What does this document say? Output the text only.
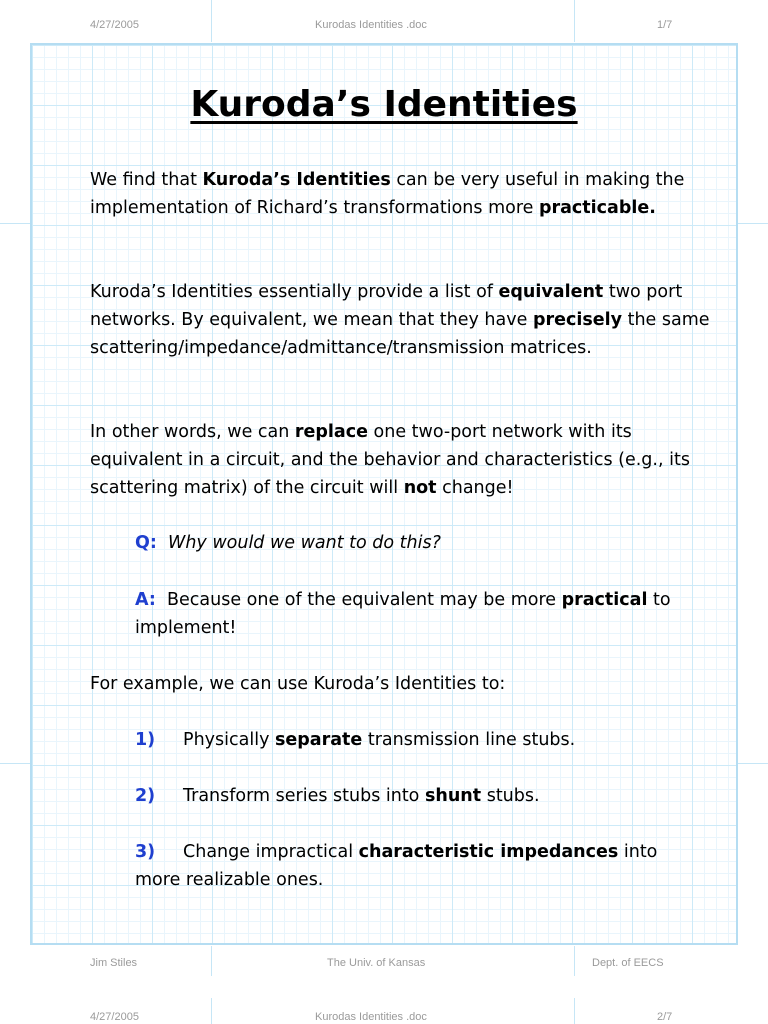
4/27/2005	Kurodas Identities .doc	1/7
Kuroda’s Identities

We find that Kuroda’s Identities can be very useful in making the implementation of Richard’s transformations more practicable.

Kuroda’s Identities essentially provide a list of equivalent two port networks. By equivalent, we mean that they have precisely the same scattering/impedance/admittance/transmission matrices.

In other words, we can replace one two-port network with its equivalent in a circuit, and the behavior and characteristics (e.g., its scattering matrix) of the circuit will not change!

Q: Why would we want to do this?

A: Because one of the equivalent may be more practical to implement!

For example, we can use Kuroda’s Identities to:

1) Physically separate transmission line stubs.

2) Transform series stubs into shunt stubs.

3) Change impractical characteristic impedances into more realizable ones.

Jim Stiles	The Univ. of Kansas	Dept. of EECS
4/27/2005	Kurodas Identities .doc	2/7
